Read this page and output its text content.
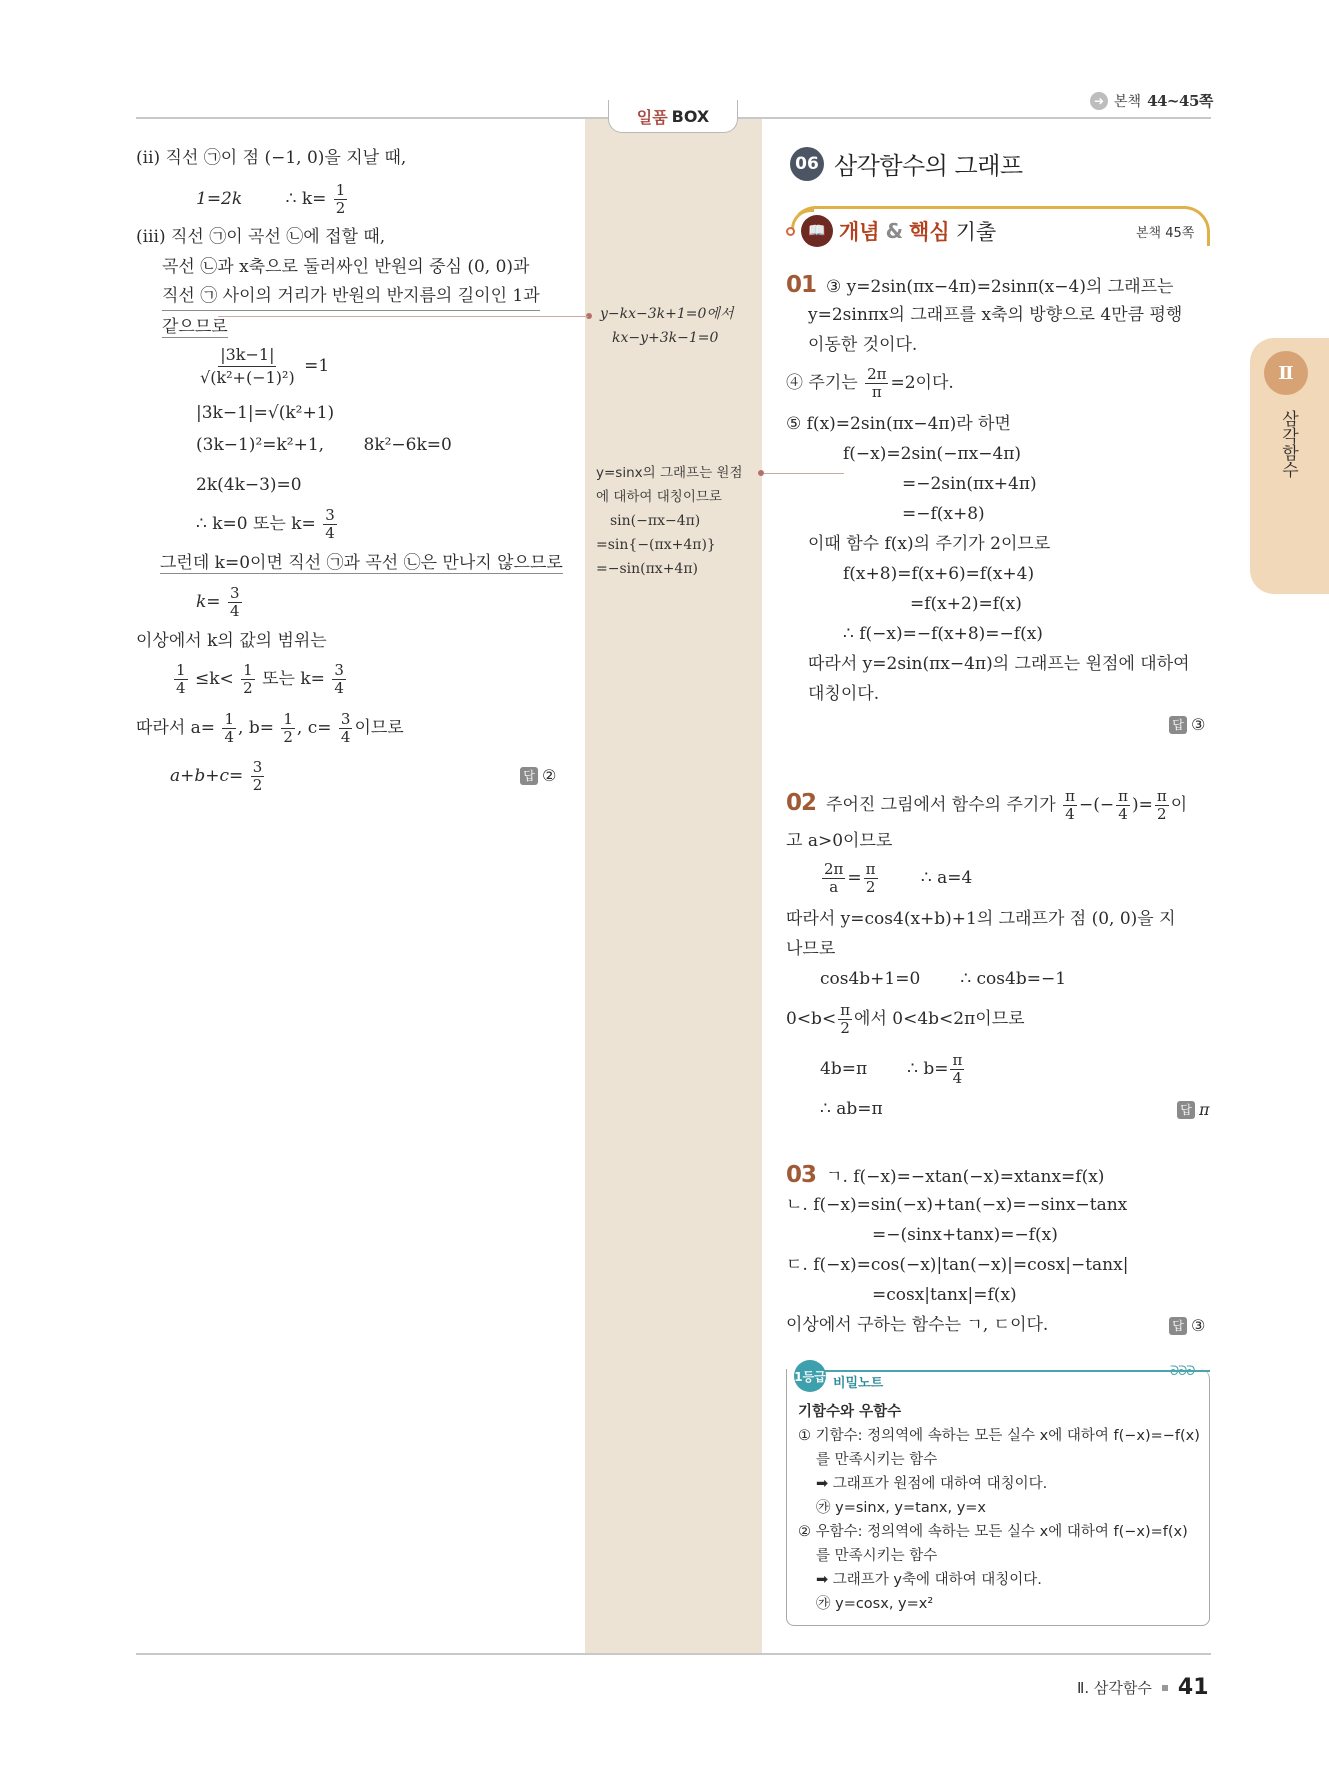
➜ 본책 44~45쪽
일품 BOX
y−kx−3k+1=0에서
kx−y+3k−1=0
y=sinx의 그래프는 원점
에 대하여 대칭이므로
sin(−πx−4π)
=sin{−(πx+4π)}
=−sin(πx+4π)
(ⅱ) 직선 ㉠이 점 (−1, 0)을 지날 때,
1=2k	∴ $k= \frac{1}{2}$
(ⅲ) 직선 ㉠이 곡선 ㉡에 접할 때,
곡선 ㉡과 x축으로 둘러싸인 반원의 중심 (0, 0)과
직선 ㉠ 사이의 거리가 반원의 반지름의 길이인 1과
같으므로
$\frac{|3k-1|}{\text{√(k²+(−1)²)}} =1$
|3k−1|=√(k²+1)
(3k−1)²=k²+1, 8k²−6k=0
2k(4k−3)=0
∴ k=0 또는 $k= \frac{3}{4}$
그런데 k=0이면 직선 ㉠과 곡선 ㉡은 만나지 않으므로
$k= \frac{3}{4}$
이상에서 k의 값의 범위는
$\frac{1}{4} \le k< \frac{1}{2}$ 또는 $k= \frac{3}{4}$
따라서 $a= \frac{1}{4}$ , $b= \frac{1}{2}$ , $c= \frac{3}{4}$ 이므로
$a+b+c= \frac{3}{2}$	답 ②
06 삼각함수의 그래프
📖 개념 & 핵심 기출	본책 45쪽
01 ③ y=2sin(πx−4π)=2sinπ(x−4)의 그래프는
y=2sinπx의 그래프를 x축의 방향으로 4만큼 평행
이동한 것이다.
④ 주기는 $\frac{2\pi}{\pi} =2$이다.
⑤ f(x)=2sin(πx−4π)라 하면
f(−x)=2sin(−πx−4π)
=−2sin(πx+4π)
=−f(x+8)
이때 함수 f(x)의 주기가 2이므로
f(x+8)=f(x+6)=f(x+4)
=f(x+2)=f(x)
∴ f(−x)=−f(x+8)=−f(x)
따라서 y=2sin(πx−4π)의 그래프는 원점에 대하여
대칭이다.
답 ③
02 주어진 그림에서 함수의 주기가 $\frac{\pi}{4}$ −(− $\frac{\pi}{4}$ )= $\frac{\pi}{2}$ 이
고 a>0이므로
$\frac{2\pi}{a} = \frac{\pi}{2}$	∴ a=4
따라서 y=cos4(x+b)+1의 그래프가 점 (0, 0)을 지
나므로
cos4b+1=0 ∴ cos4b=−1
$0<b< \frac{\pi}{2}$ 에서 0<4b<2π이므로
4b=π ∴ $b= \frac{\pi}{4}$
∴ ab=π	답 π
03 ㄱ. f(−x)=−xtan(−x)=xtanx=f(x)
ㄴ. f(−x)=sin(−x)+tan(−x)=−sinx−tanx
=−(sinx+tanx)=−f(x)
ㄷ. f(−x)=cos(−x)|tan(−x)|=cosx|−tanx|
=cosx|tanx|=f(x)
이상에서 구하는 함수는 ㄱ, ㄷ이다.	답 ③
1등급 비밀노트
ᘐᘐᘐ
기함수와 우함수
① 기함수: 정의역에 속하는 모든 실수 x에 대하여 f(−x)=−f(x)
를 만족시키는 함수
➡ 그래프가 원점에 대하여 대칭이다.
㉮ y=sinx, y=tanx, y=x
② 우함수: 정의역에 속하는 모든 실수 x에 대하여 f(−x)=f(x)
를 만족시키는 함수
➡ 그래프가 y축에 대하여 대칭이다.
㉮ y=cosx, y=x²
Ⅱ
삼각함수
Ⅱ. 삼각함수 41
